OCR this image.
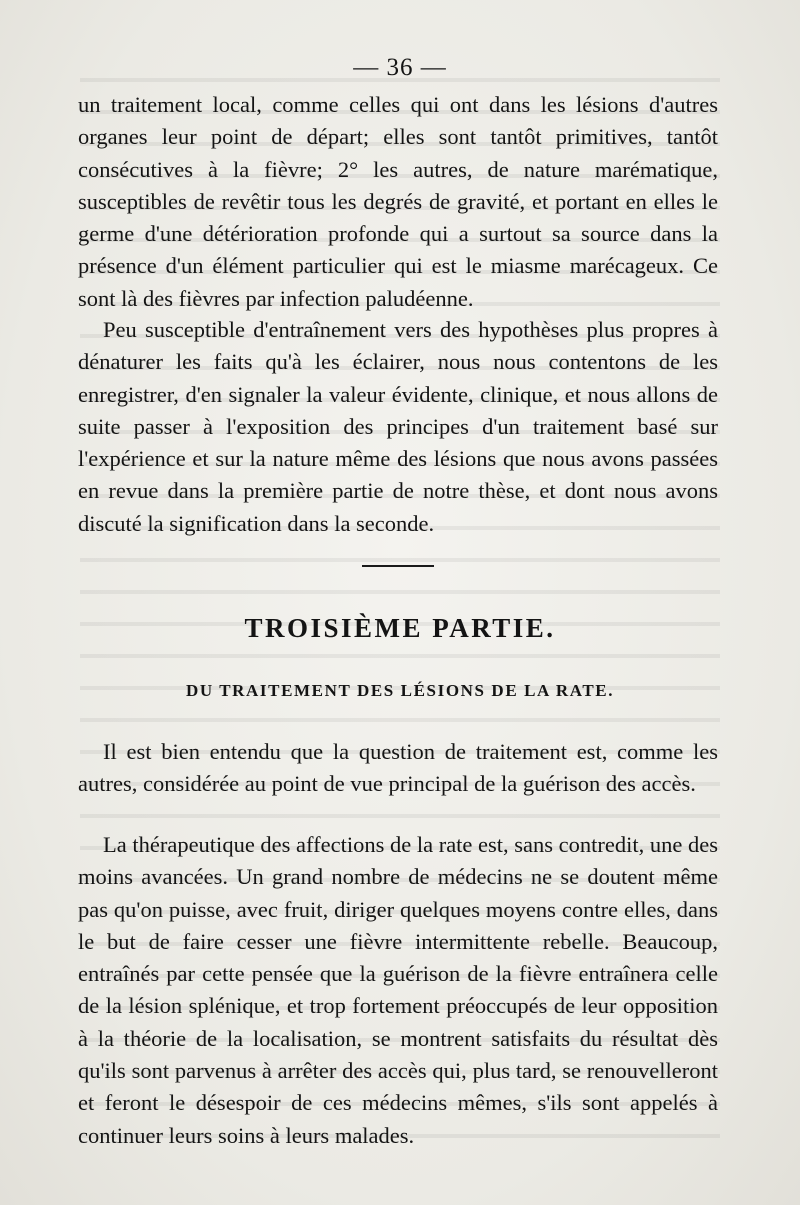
— 36 —

un traitement local, comme celles qui ont dans les lésions d'autres organes leur point de départ; elles sont tantôt primitives, tantôt consécutives à la fièvre; 2° les autres, de nature marématique, susceptibles de revêtir tous les degrés de gravité, et portant en elles le germe d'une détérioration profonde qui a surtout sa source dans la présence d'un élément particulier qui est le miasme marécageux. Ce sont là des fièvres par infection paludéenne.

Peu susceptible d'entraînement vers des hypothèses plus propres à dénaturer les faits qu'à les éclairer, nous nous contentons de les enregistrer, d'en signaler la valeur évidente, clinique, et nous allons de suite passer à l'exposition des principes d'un traitement basé sur l'expérience et sur la nature même des lésions que nous avons passées en revue dans la première partie de notre thèse, et dont nous avons discuté la signification dans la seconde.

TROISIÈME PARTIE.
DU TRAITEMENT DES LÉSIONS DE LA RATE.

Il est bien entendu que la question de traitement est, comme les autres, considérée au point de vue principal de la guérison des accès.

La thérapeutique des affections de la rate est, sans contredit, une des moins avancées. Un grand nombre de médecins ne se doutent même pas qu'on puisse, avec fruit, diriger quelques moyens contre elles, dans le but de faire cesser une fièvre intermittente rebelle. Beaucoup, entraînés par cette pensée que la guérison de la fièvre entraînera celle de la lésion splénique, et trop fortement préoccupés de leur opposition à la théorie de la localisation, se montrent satisfaits du résultat dès qu'ils sont parvenus à arrêter des accès qui, plus tard, se renouvelleront et feront le désespoir de ces médecins mêmes, s'ils sont appelés à continuer leurs soins à leurs malades.
